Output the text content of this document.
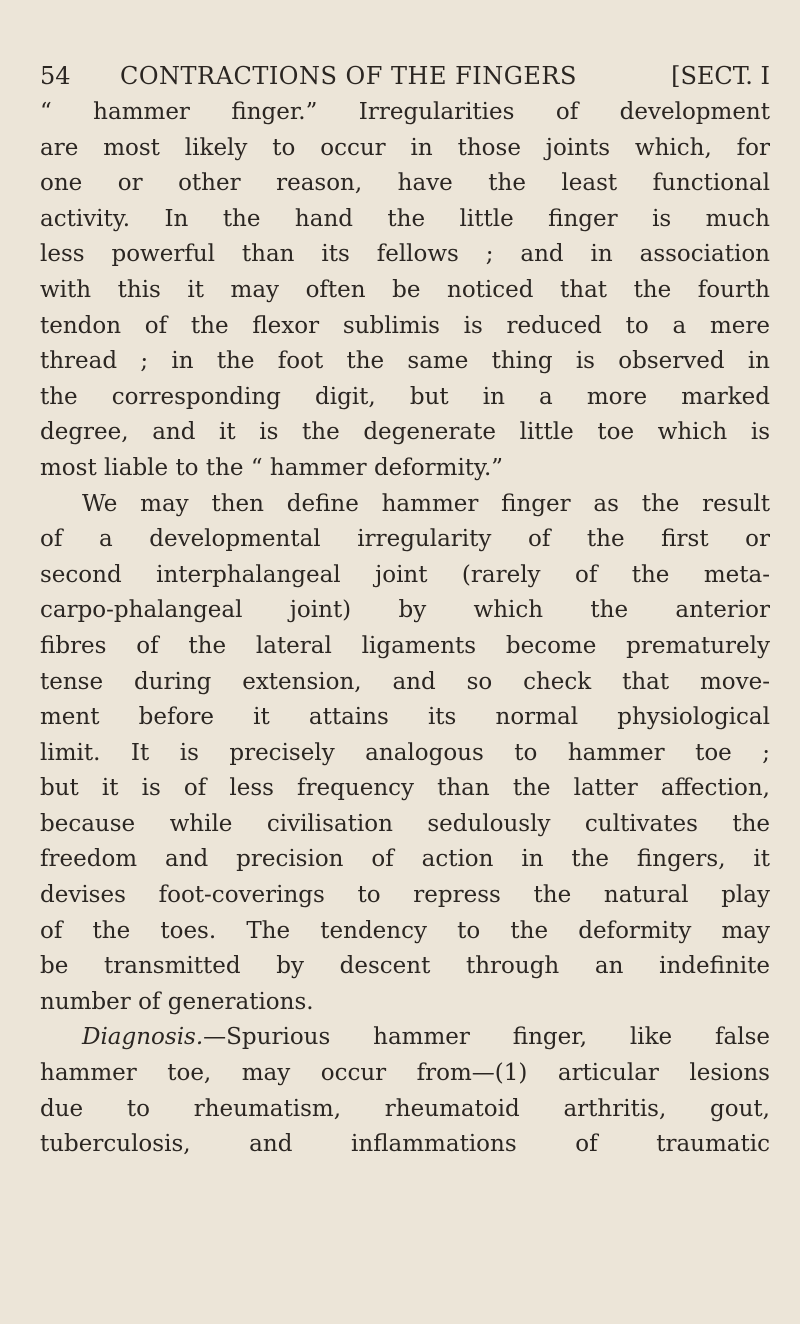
54 CONTRACTIONS OF THE FINGERS	[SECT. I
“ hammer finger.” Irregularities of development
are most likely to occur in those joints which, for
one or other reason, have the least functional
activity. In the hand the little finger is much
less powerful than its fellows ; and in association
with this it may often be noticed that the fourth
tendon of the flexor sublimis is reduced to a mere
thread ; in the foot the same thing is observed in
the corresponding digit, but in a more marked
degree, and it is the degenerate little toe which is
most liable to the “ hammer deformity.”
We may then define hammer finger as the result
of a developmental irregularity of the first or
second interphalangeal joint (rarely of the meta-
carpo-phalangeal joint) by which the anterior
fibres of the lateral ligaments become prematurely
tense during extension, and so check that move-
ment before it attains its normal physiological
limit. It is precisely analogous to hammer toe ;
but it is of less frequency than the latter affection,
because while civilisation sedulously cultivates the
freedom and precision of action in the fingers, it
devises foot-coverings to repress the natural play
of the toes. The tendency to the deformity may
be transmitted by descent through an indefinite
number of generations.
Diagnosis.—Spurious hammer finger, like false
hammer toe, may occur from—(1) articular lesions
due to rheumatism, rheumatoid arthritis, gout,
tuberculosis, and inflammations of traumatic
